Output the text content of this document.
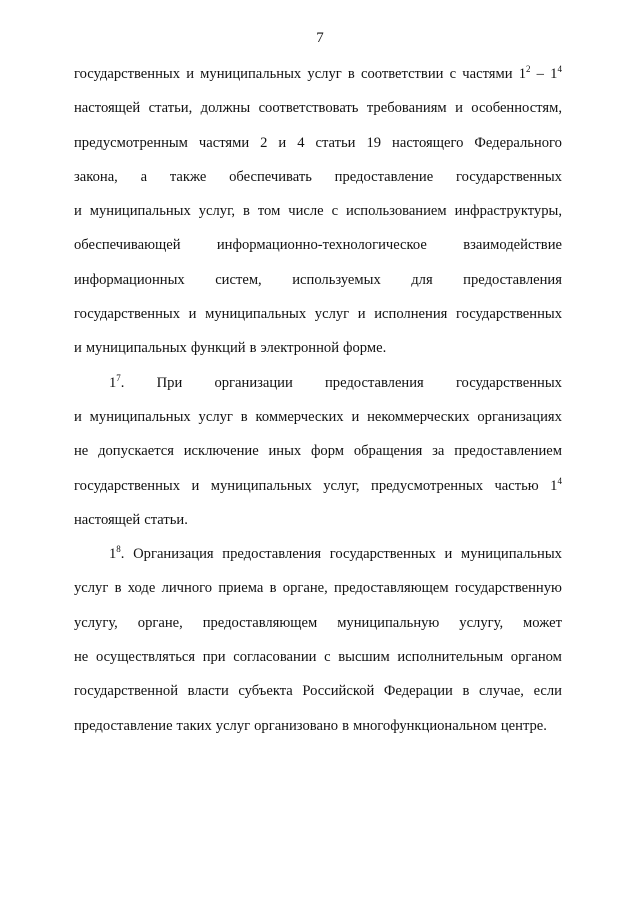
7
государственных и муниципальных услуг в соответствии с частями $1^2 - 1^4$
настоящей статьи, должны соответствовать требованиям и особенностям,
предусмотренным частями 2 и 4 статьи 19 настоящего Федерального
закона, а также обеспечивать предоставление государственных
и муниципальных услуг, в том числе с использованием инфраструктуры,
обеспечивающей информационно-технологическое взаимодействие
информационных систем, используемых для предоставления
государственных и муниципальных услуг и исполнения государственных
и муниципальных функций в электронной форме.
$1^7$. При организации предоставления государственных
и муниципальных услуг в коммерческих и некоммерческих организациях
не допускается исключение иных форм обращения за предоставлением
государственных и муниципальных услуг, предусмотренных частью $1^4$
настоящей статьи.
$1^8$. Организация предоставления государственных и муниципальных
услуг в ходе личного приема в органе, предоставляющем государственную
услугу, органе, предоставляющем муниципальную услугу, может
не осуществляться при согласовании с высшим исполнительным органом
государственной власти субъекта Российской Федерации в случае, если
предоставление таких услуг организовано в многофункциональном центре.
